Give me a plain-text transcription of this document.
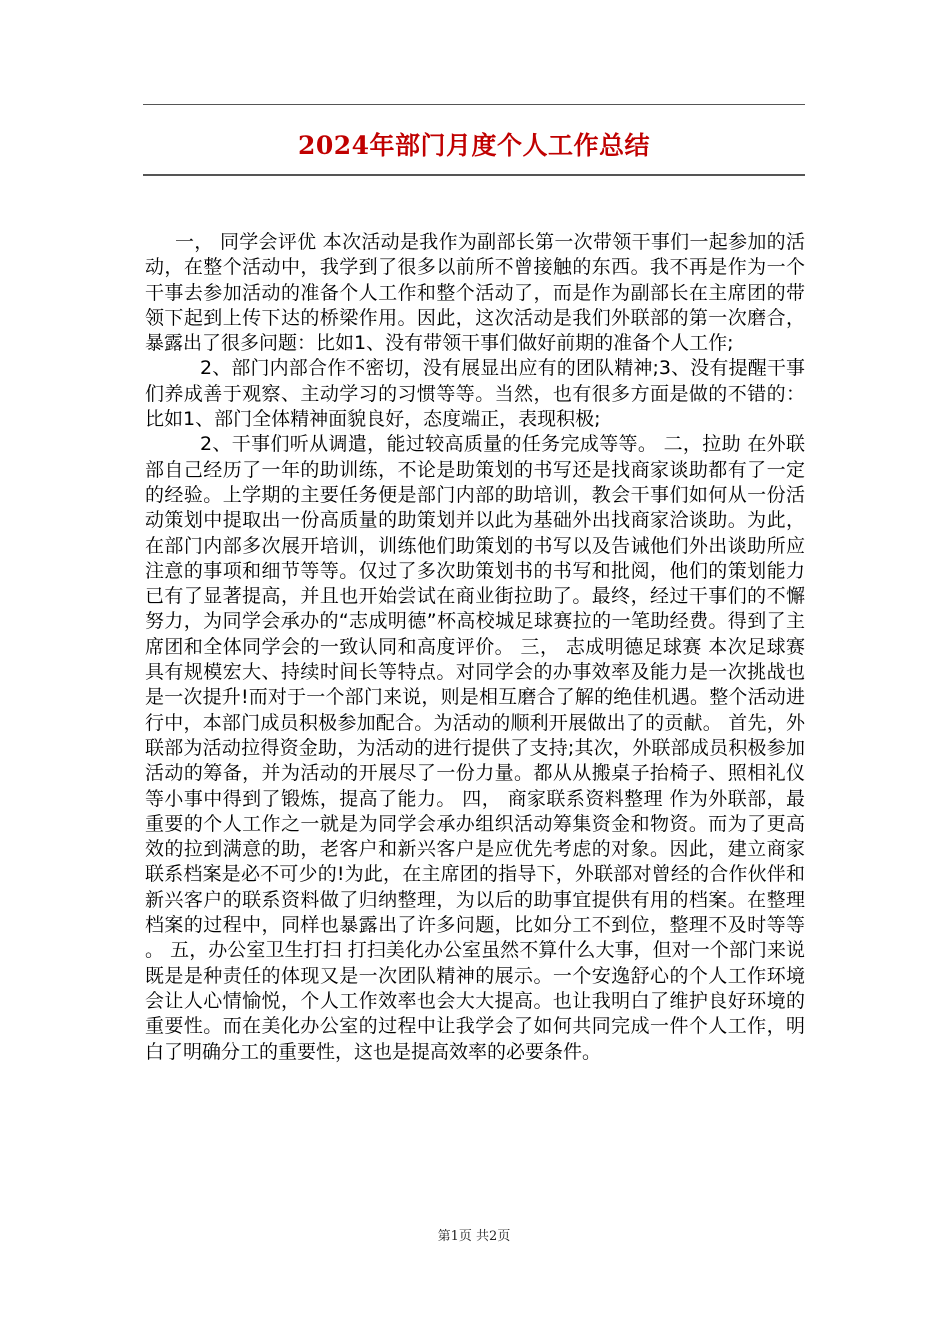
2024年部门月度个人工作总结

一， 同学会评优 本次活动是我作为副部长第一次带领干事们一起参加的活动，在整个活动中，我学到了很多以前所不曾接触的东西。我不再是作为一个干事去参加活动的准备个人工作和整个活动了，而是作为副部长在主席团的带领下起到上传下达的桥梁作用。因此，这次活动是我们外联部的第一次磨合，暴露出了很多问题：比如1、没有带领干事们做好前期的准备个人工作;

2、部门内部合作不密切，没有展显出应有的团队精神;3、没有提醒干事们养成善于观察、主动学习的习惯等等。当然，也有很多方面是做的不错的：比如1、部门全体精神面貌良好，态度端正，表现积极;

2、干事们听从调遣，能过较高质量的任务完成等等。 二，拉助 在外联部自己经历了一年的助训练，不论是助策划的书写还是找商家谈助都有了一定的经验。上学期的主要任务便是部门内部的助培训，教会干事们如何从一份活动策划中提取出一份高质量的助策划并以此为基础外出找商家洽谈助。为此，在部门内部多次展开培训，训练他们助策划的书写以及告诫他们外出谈助所应注意的事项和细节等等。仅过了多次助策划书的书写和批阅，他们的策划能力已有了显著提高，并且也开始尝试在商业街拉助了。最终，经过干事们的不懈努力，为同学会承办的“志成明德”杯高校城足球赛拉的一笔助经费。得到了主席团和全体同学会的一致认同和高度评价。 三， 志成明德足球赛 本次足球赛具有规模宏大、持续时间长等特点。对同学会的办事效率及能力是一次挑战也是一次提升!而对于一个部门来说，则是相互磨合了解的绝佳机遇。整个活动进行中，本部门成员积极参加配合。为活动的顺利开展做出了的贡献。 首先，外联部为活动拉得资金助，为活动的进行提供了支持;其次，外联部成员积极参加活动的筹备，并为活动的开展尽了一份力量。都从从搬桌子抬椅子、照相礼仪等小事中得到了锻炼，提高了能力。 四， 商家联系资料整理 作为外联部，最重要的个人工作之一就是为同学会承办组织活动筹集资金和物资。而为了更高效的拉到满意的助，老客户和新兴客户是应优先考虑的对象。因此，建立商家联系档案是必不可少的!为此，在主席团的指导下，外联部对曾经的合作伙伴和新兴客户的联系资料做了归纳整理，为以后的助事宜提供有用的档案。在整理档案的过程中，同样也暴露出了许多问题，比如分工不到位，整理不及时等等。 五，办公室卫生打扫 打扫美化办公室虽然不算什么大事，但对一个部门来说既是是种责任的体现又是一次团队精神的展示。一个安逸舒心的个人工作环境会让人心情愉悦，个人工作效率也会大大提高。也让我明白了维护良好环境的重要性。而在美化办公室的过程中让我学会了如何共同完成一件个人工作，明白了明确分工的重要性，这也是提高效率的必要条件。

第1页 共2页
